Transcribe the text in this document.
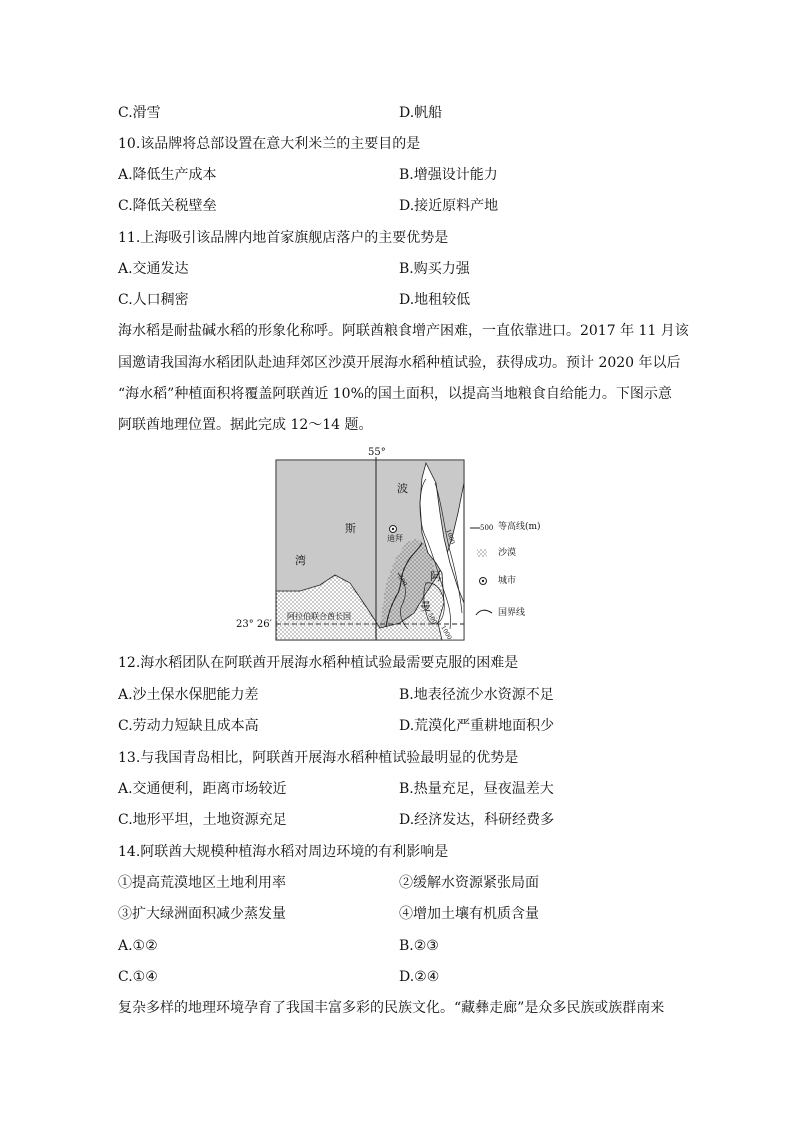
C.滑雪	D.帆船
10.该品牌将总部设置在意大利米兰的主要目的是
A.降低生产成本	B.增强设计能力
C.降低关税壁垒	D.接近原料产地
11.上海吸引该品牌内地首家旗舰店落户的主要优势是
A.交通发达	B.购买力强
C.人口稠密	D.地租较低
海水稻是耐盐碱水稻的形象化称呼。阿联酋粮食增产困难，一直依靠进口。2017 年 11 月该
国邀请我国海水稻团队赴迪拜郊区沙漠开展海水稻种植试验，获得成功。预计 2020 年以后
“海水稻”种植面积将覆盖阿联酋近 10%的国土面积，以提高当地粮食自给能力。下图示意
阿联酋地理位置。据此完成 12～14 题。
55°
23° 26′
波
斯
湾
阿
曼
迪拜
阿拉伯联合酋长国
500
1000
500
1000
500 等高线(m)
沙漠
城市
国界线
12.海水稻团队在阿联酋开展海水稻种植试验最需要克服的困难是
A.沙土保水保肥能力差	B.地表径流少水资源不足
C.劳动力短缺且成本高	D.荒漠化严重耕地面积少
13.与我国青岛相比，阿联酋开展海水稻种植试验最明显的优势是
A.交通便利，距离市场较近	B.热量充足，昼夜温差大
C.地形平坦，土地资源充足	D.经济发达，科研经费多
14.阿联酋大规模种植海水稻对周边环境的有利影响是
①提高荒漠地区土地利用率	②缓解水资源紧张局面
③扩大绿洲面积减少蒸发量	④增加土壤有机质含量
A.①②	B.②③
C.①④	D.②④
复杂多样的地理环境孕育了我国丰富多彩的民族文化。“藏彝走廊”是众多民族或族群南来
